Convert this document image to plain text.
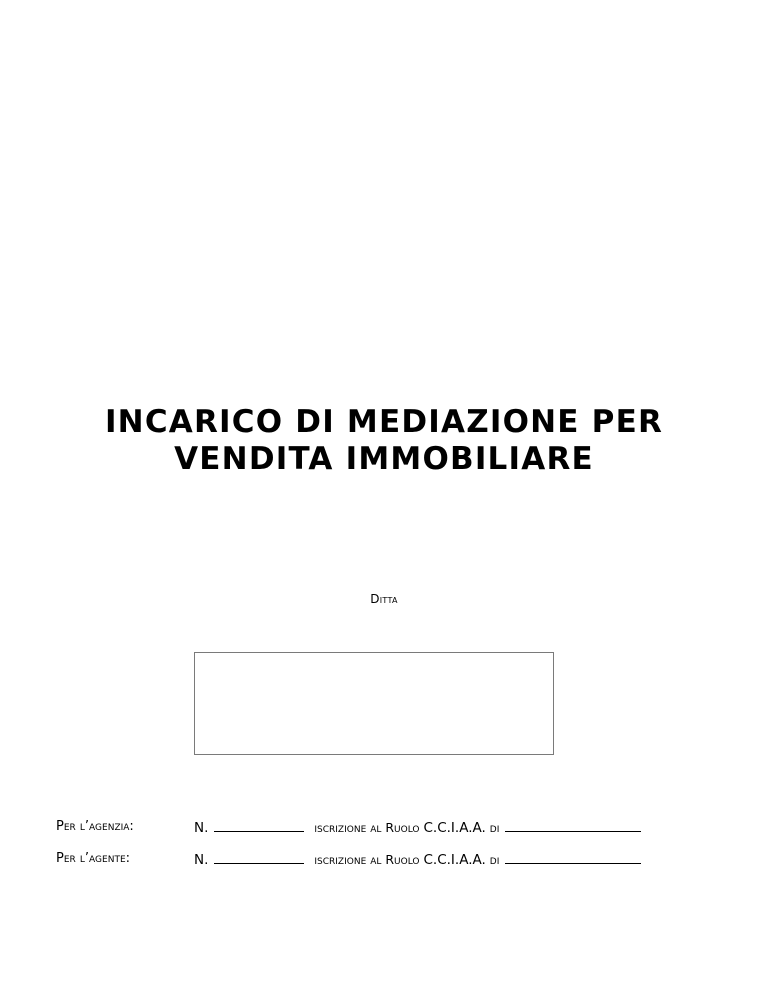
INCARICO DI MEDIAZIONE PER
VENDITA IMMOBILIARE
Ditta
Per l’agenzia:	N.	iscrizione al Ruolo C.C.I.A.A. di
Per l’agente:	N.	iscrizione al Ruolo C.C.I.A.A. di
